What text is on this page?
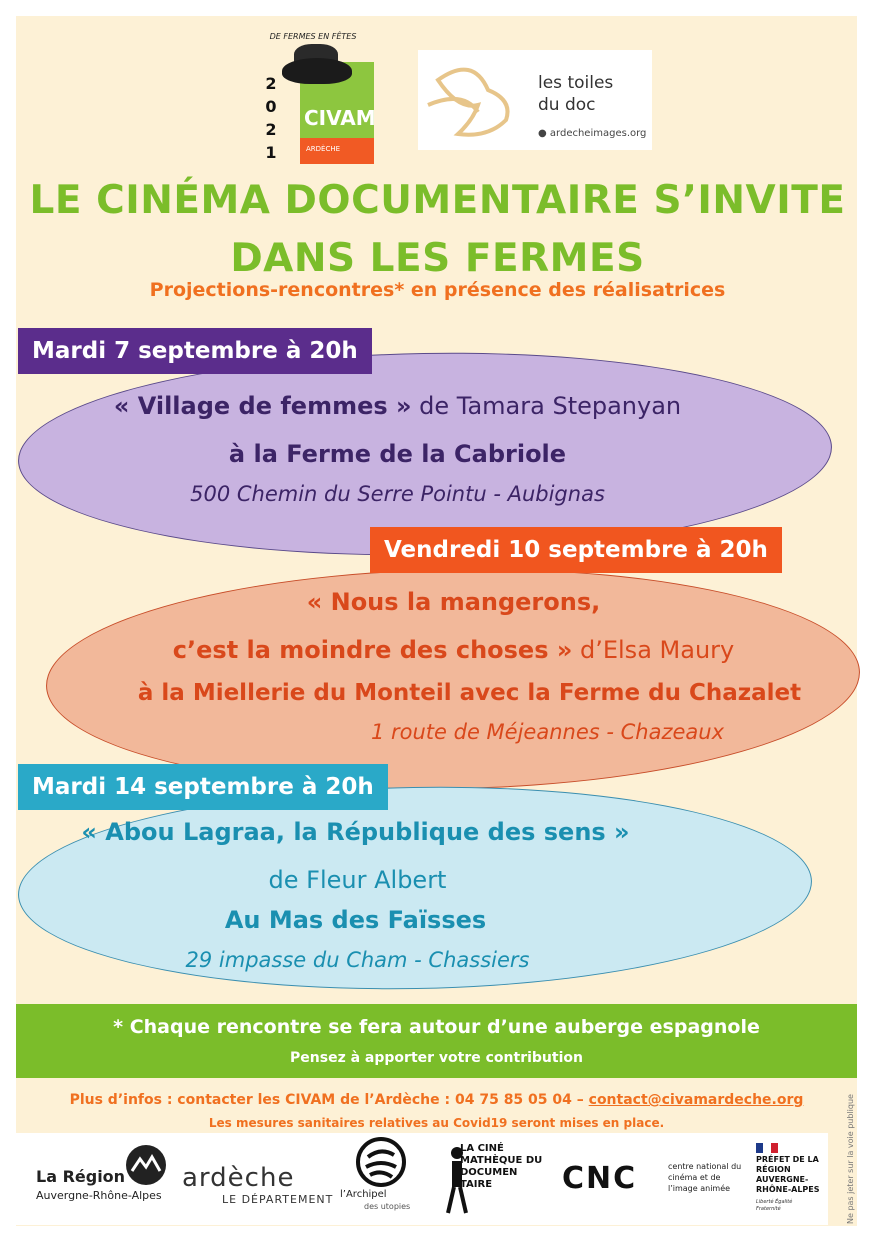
DE FERMES EN FÊTES
2
0
2
1
CIVAM
ARDÈCHE
les toiles
du doc
● ardecheimages.org
LE CINÉMA DOCUMENTAIRE S’INVITE
DANS LES FERMES
Projections-rencontres* en présence des réalisatrices
Mardi 7 septembre à 20h
« Village de femmes » de Tamara Stepanyan
à la Ferme de la Cabriole
500 Chemin du Serre Pointu - Aubignas
Vendredi 10 septembre à 20h
« Nous la mangerons,
c’est la moindre des choses » d’Elsa Maury
à la Miellerie du Monteil avec la Ferme du Chazalet
1 route de Méjeannes - Chazeaux
Mardi 14 septembre à 20h
« Abou Lagraa, la République des sens »
de Fleur Albert
Au Mas des Faïsses
29 impasse du Cham - Chassiers
* Chaque rencontre se fera autour d’une auberge espagnole
Pensez à apporter votre contribution
Plus d’infos : contacter les CIVAM de l’Ardèche : 04 75 85 05 04 – contact@civamardeche.org
Les mesures sanitaires relatives au Covid19 seront mises en place.
La Région
Auvergne-Rhône-Alpes
ardèche
LE DÉPARTEMENT l’Archipel
des utopies
LA CINÉ MATHÈQUE DU DOCUMEN TAIRE	CNC	centre national du cinéma et de l’image animée
PRÉFET DE LA RÉGION AUVERGNE-RHÔNE-ALPES
Liberté Égalité Fraternité	Ne pas jeter sur la voie publique
